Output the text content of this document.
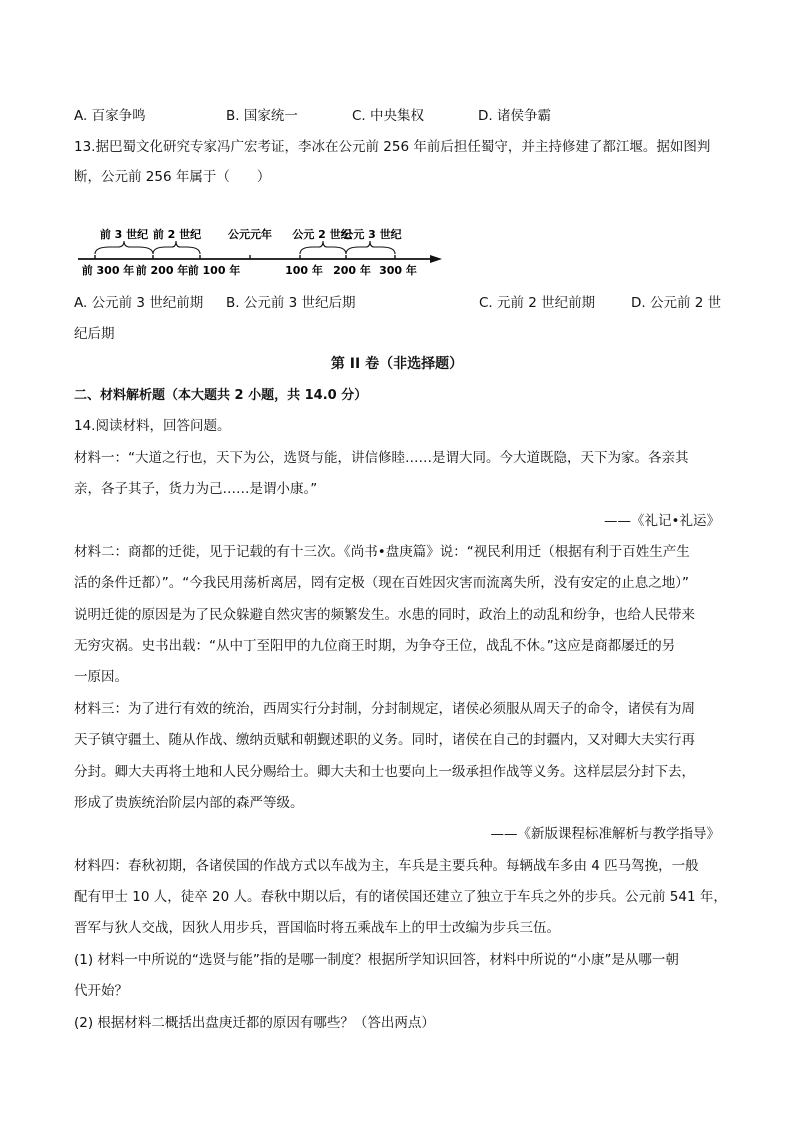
A. 百家争鸣	B. 国家统一	C. 中央集权	D. 诸侯争霸
13.据巴蜀文化研究专家冯广宏考证，李冰在公元前 256 年前后担任蜀守，并主持修建了都江堰。据如图判
断，公元前 256 年属于（　　）
前 3 世纪 前 2 世纪 公元元年 公元 2 世纪
公元 3 世纪
前 300 年 前 200 年 前 100 年	100 年 200 年 300 年
A. 公元前 3 世纪前期 B. 公元前 3 世纪后期	C. 元前 2 世纪前期	D. 公元前 2 世
纪后期
第 II 卷（非选择题）
二、材料解析题（本大题共 2 小题，共 14.0 分）
14.阅读材料，回答问题。
材料一：“大道之行也，天下为公，选贤与能，讲信修睦……是谓大同。今大道既隐，天下为家。各亲其
亲，各子其子，货力为己……是谓小康。”
——《礼记•礼运》
材料二：商都的迁徙，见于记载的有十三次。《尚书•盘庚篇》说：“视民利用迁（根据有利于百姓生产生
活的条件迁都）”。“今我民用荡析离居，罔有定极（现在百姓因灾害而流离失所，没有安定的止息之地）”
说明迁徙的原因是为了民众躲避自然灾害的频繁发生。水患的同时，政治上的动乱和纷争，也给人民带来
无穷灾祸。史书出载：“从中丁至阳甲的九位商王时期，为争夺王位，战乱不休。”这应是商都屡迁的另
一原因。
材料三：为了进行有效的统治，西周实行分封制，分封制规定，诸侯必须服从周天子的命令，诸侯有为周
天子镇守疆土、随从作战、缴纳贡赋和朝觐述职的义务。同时，诸侯在自己的封疆内，又对卿大夫实行再
分封。卿大夫再将土地和人民分赐给士。卿大夫和士也要向上一级承担作战等义务。这样层层分封下去，
形成了贵族统治阶层内部的森严等级。
——《新版课程标准解析与教学指导》
材料四：春秋初期，各诸侯国的作战方式以车战为主，车兵是主要兵种。每辆战车多由 4 匹马驾挽，一般
配有甲士 10 人，徒卒 20 人。春秋中期以后，有的诸侯国还建立了独立于车兵之外的步兵。公元前 541 年，
晋军与狄人交战，因狄人用步兵，晋国临时将五乘战车上的甲士改编为步兵三伍。
(1) 材料一中所说的“选贤与能”指的是哪一制度？根据所学知识回答，材料中所说的“小康”是从哪一朝
代开始？
(2) 根据材料二概括出盘庚迁都的原因有哪些？（答出两点）
